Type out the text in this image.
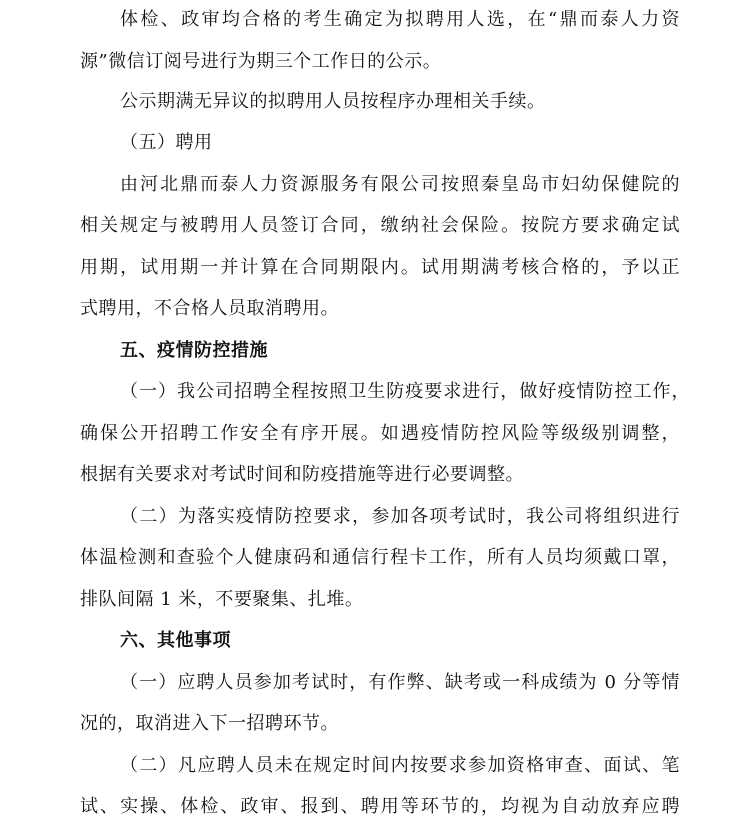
体检、政审均合格的考生确定为拟聘用人选，在“鼎而泰人力资
源”微信订阅号进行为期三个工作日的公示。
公示期满无异议的拟聘用人员按程序办理相关手续。
（五）聘用
由河北鼎而泰人力资源服务有限公司按照秦皇岛市妇幼保健院的
相关规定与被聘用人员签订合同，缴纳社会保险。按院方要求确定试
用期，试用期一并计算在合同期限内。试用期满考核合格的，予以正
式聘用，不合格人员取消聘用。
五、疫情防控措施
（一）我公司招聘全程按照卫生防疫要求进行，做好疫情防控工作，
确保公开招聘工作安全有序开展。如遇疫情防控风险等级级别调整，
根据有关要求对考试时间和防疫措施等进行必要调整。
（二）为落实疫情防控要求，参加各项考试时，我公司将组织进行
体温检测和查验个人健康码和通信行程卡工作，所有人员均须戴口罩，
排队间隔 1 米，不要聚集、扎堆。
六、其他事项
（一）应聘人员参加考试时，有作弊、缺考或一科成绩为 0 分等情
况的，取消进入下一招聘环节。
（二）凡应聘人员未在规定时间内按要求参加资格审查、面试、笔
试、实操、体检、政审、报到、聘用等环节的，均视为自动放弃应聘
